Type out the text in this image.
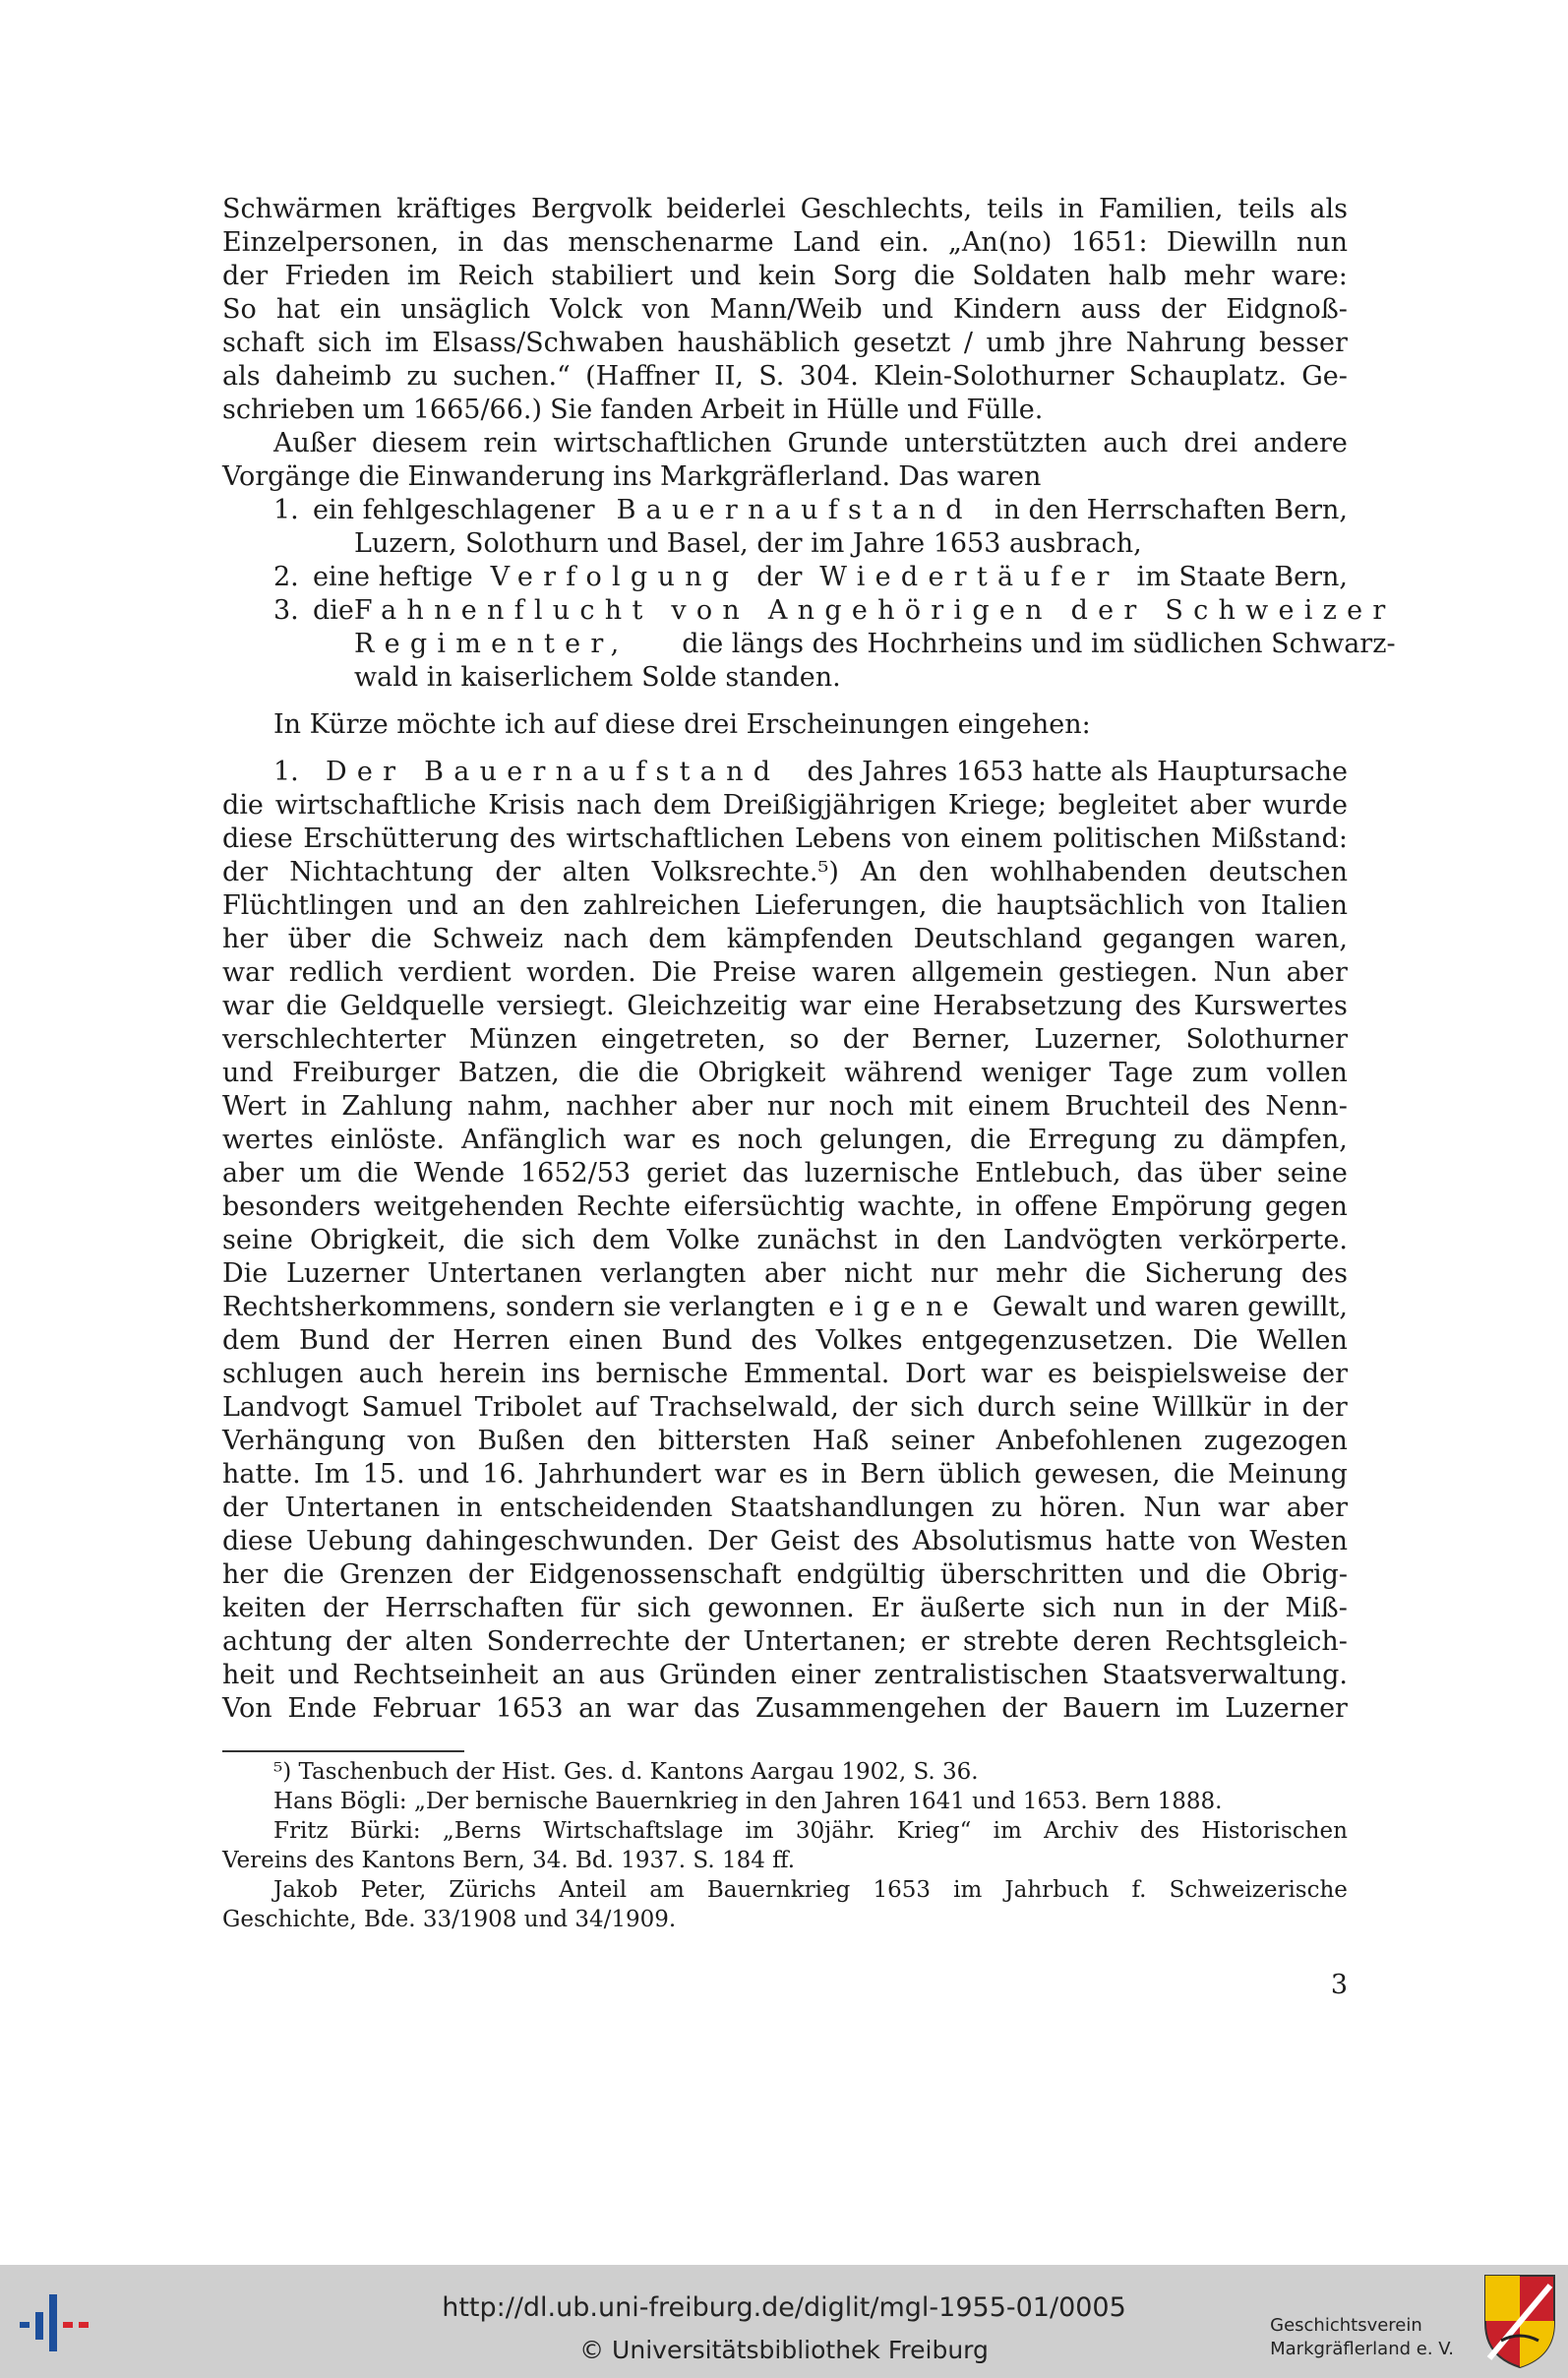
Schwärmen kräftiges Bergvolk beiderlei Geschlechts, teils in Familien, teils als
Einzelpersonen, in das menschenarme Land ein. „An(no) 1651: Diewilln nun
der Frieden im Reich stabiliert und kein Sorg die Soldaten halb mehr ware:
So hat ein unsäglich Volck von Mann/Weib und Kindern auss der Eidgnoß-
schaft sich im Elsass/Schwaben haushäblich gesetzt / umb jhre Nahrung besser
als daheimb zu suchen.“ (Haffner II, S. 304. Klein-Solothurner Schauplatz. Ge-
schrieben um 1665/66.) Sie fanden Arbeit in Hülle und Fülle.
Außer diesem rein wirtschaftlichen Grunde unterstützten auch drei andere
Vorgänge die Einwanderung ins Markgräflerland. Das waren
1. ein fehlgeschlagener Bauernaufstand in den Herrschaften Bern,
Luzern, Solothurn und Basel, der im Jahre 1653 ausbrach,
2. eine heftige Verfolgung der Wiedertäufer im Staate Bern,
3. die Fahnenflucht von Angehörigen der Schweizer
Regimenter, die längs des Hochrheins und im südlichen Schwarz-
wald in kaiserlichem Solde standen.
In Kürze möchte ich auf diese drei Erscheinungen eingehen:
1. Der Bauernaufstand des Jahres 1653 hatte als Hauptursache
die wirtschaftliche Krisis nach dem Dreißigjährigen Kriege; begleitet aber wurde
diese Erschütterung des wirtschaftlichen Lebens von einem politischen Mißstand:
der Nichtachtung der alten Volksrechte.⁵) An den wohlhabenden deutschen
Flüchtlingen und an den zahlreichen Lieferungen, die hauptsächlich von Italien
her über die Schweiz nach dem kämpfenden Deutschland gegangen waren,
war redlich verdient worden. Die Preise waren allgemein gestiegen. Nun aber
war die Geldquelle versiegt. Gleichzeitig war eine Herabsetzung des Kurswertes
verschlechterter Münzen eingetreten, so der Berner, Luzerner, Solothurner
und Freiburger Batzen, die die Obrigkeit während weniger Tage zum vollen
Wert in Zahlung nahm, nachher aber nur noch mit einem Bruchteil des Nenn-
wertes einlöste. Anfänglich war es noch gelungen, die Erregung zu dämpfen,
aber um die Wende 1652/53 geriet das luzernische Entlebuch, das über seine
besonders weitgehenden Rechte eifersüchtig wachte, in offene Empörung gegen
seine Obrigkeit, die sich dem Volke zunächst in den Landvögten verkörperte.
Die Luzerner Untertanen verlangten aber nicht nur mehr die Sicherung des
Rechtsherkommens, sondern sie verlangten eigene Gewalt und waren gewillt,
dem Bund der Herren einen Bund des Volkes entgegenzusetzen. Die Wellen
schlugen auch herein ins bernische Emmental. Dort war es beispielsweise der
Landvogt Samuel Tribolet auf Trachselwald, der sich durch seine Willkür in der
Verhängung von Bußen den bittersten Haß seiner Anbefohlenen zugezogen
hatte. Im 15. und 16. Jahrhundert war es in Bern üblich gewesen, die Meinung
der Untertanen in entscheidenden Staatshandlungen zu hören. Nun war aber
diese Uebung dahingeschwunden. Der Geist des Absolutismus hatte von Westen
her die Grenzen der Eidgenossenschaft endgültig überschritten und die Obrig-
keiten der Herrschaften für sich gewonnen. Er äußerte sich nun in der Miß-
achtung der alten Sonderrechte der Untertanen; er strebte deren Rechtsgleich-
heit und Rechtseinheit an aus Gründen einer zentralistischen Staatsverwaltung.
Von Ende Februar 1653 an war das Zusammengehen der Bauern im Luzerner
⁵) Taschenbuch der Hist. Ges. d. Kantons Aargau 1902, S. 36.
Hans Bögli: „Der bernische Bauernkrieg in den Jahren 1641 und 1653. Bern 1888.
Fritz Bürki: „Berns Wirtschaftslage im 30jähr. Krieg“ im Archiv des Historischen
Vereins des Kantons Bern, 34. Bd. 1937. S. 184 ff.
Jakob Peter, Zürichs Anteil am Bauernkrieg 1653 im Jahrbuch f. Schweizerische
Geschichte, Bde. 33/1908 und 34/1909.
3
http://dl.ub.uni-freiburg.de/diglit/mgl-1955-01/0005
© Universitätsbibliothek Freiburg
Geschichtsverein
Markgräflerland e. V.
